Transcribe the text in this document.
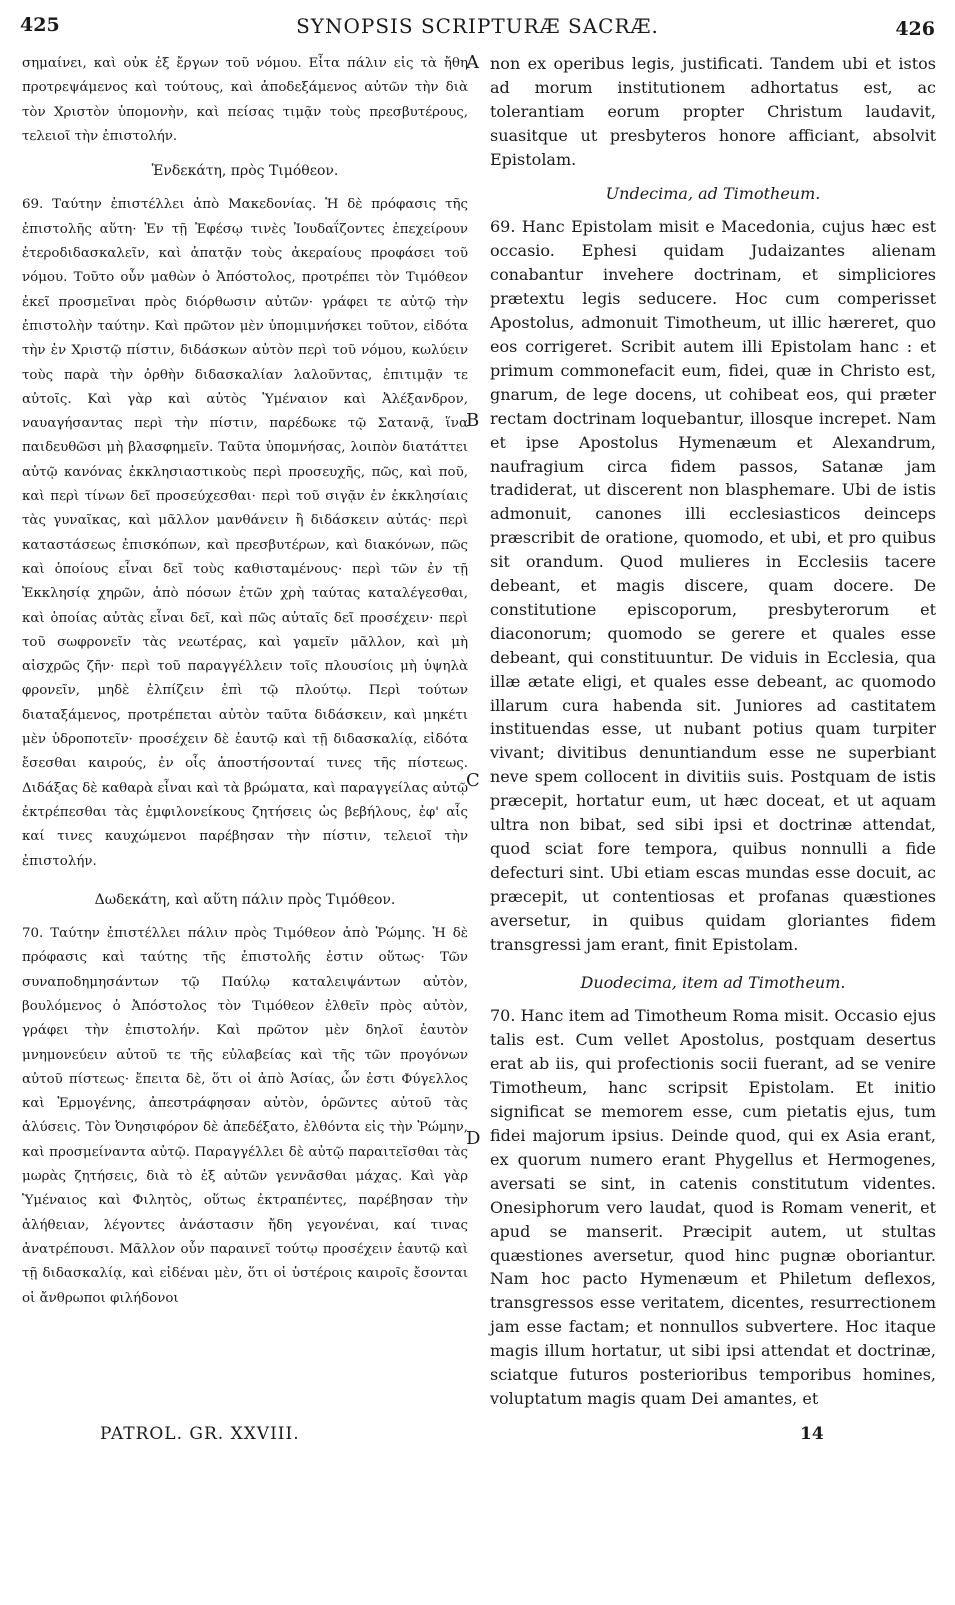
425	SYNOPSIS SCRIPTURÆ SACRÆ.	426

σημαίνει, καὶ οὐκ ἐξ ἔργων τοῦ νόμου. Εἶτα πάλιν εἰς τὰ ἤθη προτρεψάμενος καὶ τούτους, καὶ ἀποδεξάμενος αὐτῶν τὴν διὰ τὸν Χριστὸν ὑπομονὴν, καὶ πείσας τιμᾷν τοὺς πρεσβυτέρους, τελειοῖ τὴν ἐπιστολήν.

Ἑνδεκάτη, πρὸς Τιμόθεον.

69. Ταύτην ἐπιστέλλει ἀπὸ Μακεδονίας. Ἡ δὲ πρόφασις τῆς ἐπιστολῆς αὕτη· Ἐν τῇ Ἐφέσῳ τινὲς Ἰουδαΐζοντες ἐπεχείρουν ἑτεροδιδασκαλεῖν, καὶ ἀπατᾷν τοὺς ἀκεραίους προφάσει τοῦ νόμου. Τοῦτο οὖν μαθὼν ὁ Ἀπόστολος, προτρέπει τὸν Τιμόθεον ἐκεῖ προσμεῖναι πρὸς διόρθωσιν αὐτῶν· γράφει τε αὐτῷ τὴν ἐπιστολὴν ταύτην. Καὶ πρῶτον μὲν ὑπομιμνήσκει τοῦτον, εἰδότα τὴν ἐν Χριστῷ πίστιν, διδάσκων αὐτὸν περὶ τοῦ νόμου, κωλύειν τοὺς παρὰ τὴν ὀρθὴν διδασκαλίαν λαλοῦντας, ἐπιτιμᾷν τε αὐτοῖς. Καὶ γὰρ καὶ αὐτὸς Ὑμέναιον καὶ Ἀλέξανδρον, ναυαγήσαντας περὶ τὴν πίστιν, παρέδωκε τῷ Σατανᾷ, ἵνα παιδευθῶσι μὴ βλασφημεῖν. Ταῦτα ὑπομνήσας, λοιπὸν διατάττει αὐτῷ κανόνας ἐκκλησιαστικοὺς περὶ προσευχῆς, πῶς, καὶ ποῦ, καὶ περὶ τίνων δεῖ προσεύχεσθαι· περὶ τοῦ σιγᾷν ἐν ἐκκλησίαις τὰς γυναῖκας, καὶ μᾶλλον μανθάνειν ἢ διδάσκειν αὐτάς· περὶ καταστάσεως ἐπισκόπων, καὶ πρεσβυτέρων, καὶ διακόνων, πῶς καὶ ὁποίους εἶναι δεῖ τοὺς καθισταμένους· περὶ τῶν ἐν τῇ Ἐκκλησίᾳ χηρῶν, ἀπὸ πόσων ἐτῶν χρὴ ταύτας καταλέγεσθαι, καὶ ὁποίας αὐτὰς εἶναι δεῖ, καὶ πῶς αὐταῖς δεῖ προσέχειν· περὶ τοῦ σωφρονεῖν τὰς νεωτέρας, καὶ γαμεῖν μᾶλλον, καὶ μὴ αἰσχρῶς ζῆν· περὶ τοῦ παραγγέλλειν τοῖς πλουσίοις μὴ ὑψηλὰ φρονεῖν, μηδὲ ἐλπίζειν ἐπὶ τῷ πλούτῳ. Περὶ τούτων διαταξάμενος, προτρέπεται αὐτὸν ταῦτα διδάσκειν, καὶ μηκέτι μὲν ὑδροποτεῖν· προσέχειν δὲ ἑαυτῷ καὶ τῇ διδασκαλίᾳ, εἰδότα ἔσεσθαι καιρούς, ἐν οἷς ἀποστήσονταί τινες τῆς πίστεως. Διδάξας δὲ καθαρὰ εἶναι καὶ τὰ βρώματα, καὶ παραγγείλας αὐτῷ ἐκτρέπεσθαι τὰς ἐμφιλονείκους ζητήσεις ὡς βεβήλους, ἐφ' αἷς καί τινες καυχώμενοι παρέβησαν τὴν πίστιν, τελειοῖ τὴν ἐπιστολήν.

Δωδεκάτη, καὶ αὕτη πάλιν πρὸς Τιμόθεον.

70. Ταύτην ἐπιστέλλει πάλιν πρὸς Τιμόθεον ἀπὸ Ῥώμης. Ἡ δὲ πρόφασις καὶ ταύτης τῆς ἐπιστολῆς ἐστιν οὕτως· Τῶν συναποδημησάντων τῷ Παύλῳ καταλειψάντων αὐτὸν, βουλόμενος ὁ Ἀπόστολος τὸν Τιμόθεον ἐλθεῖν πρὸς αὐτὸν, γράφει τὴν ἐπιστολήν. Καὶ πρῶτον μὲν δηλοῖ ἑαυτὸν μνημονεύειν αὐτοῦ τε τῆς εὐλαβείας καὶ τῆς τῶν προγόνων αὐτοῦ πίστεως· ἔπειτα δὲ, ὅτι οἱ ἀπὸ Ἀσίας, ὧν ἐστι Φύγελλος καὶ Ἑρμογένης, ἀπεστράφησαν αὐτὸν, ὁρῶντες αὐτοῦ τὰς ἁλύσεις. Τὸν Ὀνησιφόρον δὲ ἀπεδέξατο, ἐλθόντα εἰς τὴν Ῥώμην, καὶ προσμείναντα αὐτῷ. Παραγγέλλει δὲ αὐτῷ παραιτεῖσθαι τὰς μωρὰς ζητήσεις, διὰ τὸ ἐξ αὐτῶν γεννᾶσθαι μάχας. Καὶ γὰρ Ὑμέναιος καὶ Φιλητὸς, οὕτως ἐκτραπέντες, παρέβησαν τὴν ἀλήθειαν, λέγοντες ἀνάστασιν ἤδη γεγονέναι, καί τινας ἀνατρέπουσι. Μᾶλλον οὖν παραινεῖ τούτῳ προσέχειν ἑαυτῷ καὶ τῇ διδασκαλίᾳ, καὶ εἰδέναι μὲν, ὅτι οἱ ὑστέροις καιροῖς ἔσονται οἱ ἄνθρωποι φιλήδονοι

A
B
C
D

non ex operibus legis, justificati. Tandem ubi et istos ad morum institutionem adhortatus est, ac tolerantiam eorum propter Christum laudavit, suasitque ut presbyteros honore afficiant, absolvit Epistolam.

Undecima, ad Timotheum.

69. Hanc Epistolam misit e Macedonia, cujus hæc est occasio. Ephesi quidam Judaizantes alienam conabantur invehere doctrinam, et simpliciores prætextu legis seducere. Hoc cum comperisset Apostolus, admonuit Timotheum, ut illic hæreret, quo eos corrigeret. Scribit autem illi Epistolam hanc : et primum commonefacit eum, fidei, quæ in Christo est, gnarum, de lege docens, ut cohibeat eos, qui præter rectam doctrinam loquebantur, illosque increpet. Nam et ipse Apostolus Hymenæum et Alexandrum, naufragium circa fidem passos, Satanæ jam tradiderat, ut discerent non blasphemare. Ubi de istis admonuit, canones illi ecclesiasticos deinceps præscribit de oratione, quomodo, et ubi, et pro quibus sit orandum. Quod mulieres in Ecclesiis tacere debeant, et magis discere, quam docere. De constitutione episcoporum, presbyterorum et diaconorum; quomodo se gerere et quales esse debeant, qui constituuntur. De viduis in Ecclesia, qua illæ ætate eligi, et quales esse debeant, ac quomodo illarum cura habenda sit. Juniores ad castitatem instituendas esse, ut nubant potius quam turpiter vivant; divitibus denuntiandum esse ne superbiant neve spem collocent in divitiis suis. Postquam de istis præcepit, hortatur eum, ut hæc doceat, et ut aquam ultra non bibat, sed sibi ipsi et doctrinæ attendat, quod sciat fore tempora, quibus nonnulli a fide defecturi sint. Ubi etiam escas mundas esse docuit, ac præcepit, ut contentiosas et profanas quæstiones aversetur, in quibus quidam gloriantes fidem transgressi jam erant, finit Epistolam.

Duodecima, item ad Timotheum.

70. Hanc item ad Timotheum Roma misit. Occasio ejus talis est. Cum vellet Apostolus, postquam desertus erat ab iis, qui profectionis socii fuerant, ad se venire Timotheum, hanc scripsit Epistolam. Et initio significat se memorem esse, cum pietatis ejus, tum fidei majorum ipsius. Deinde quod, qui ex Asia erant, ex quorum numero erant Phygellus et Hermogenes, aversati se sint, in catenis constitutum videntes. Onesiphorum vero laudat, quod is Romam venerit, et apud se manserit. Præcipit autem, ut stultas quæstiones aversetur, quod hinc pugnæ oboriantur. Nam hoc pacto Hymenæum et Philetum deflexos, transgressos esse veritatem, dicentes, resurrectionem jam esse factam; et nonnullos subvertere. Hoc itaque magis illum hortatur, ut sibi ipsi attendat et doctrinæ, sciatque futuros posterioribus temporibus homines, voluptatum magis quam Dei amantes, et

PATROL. GR. XXVIII.	14
